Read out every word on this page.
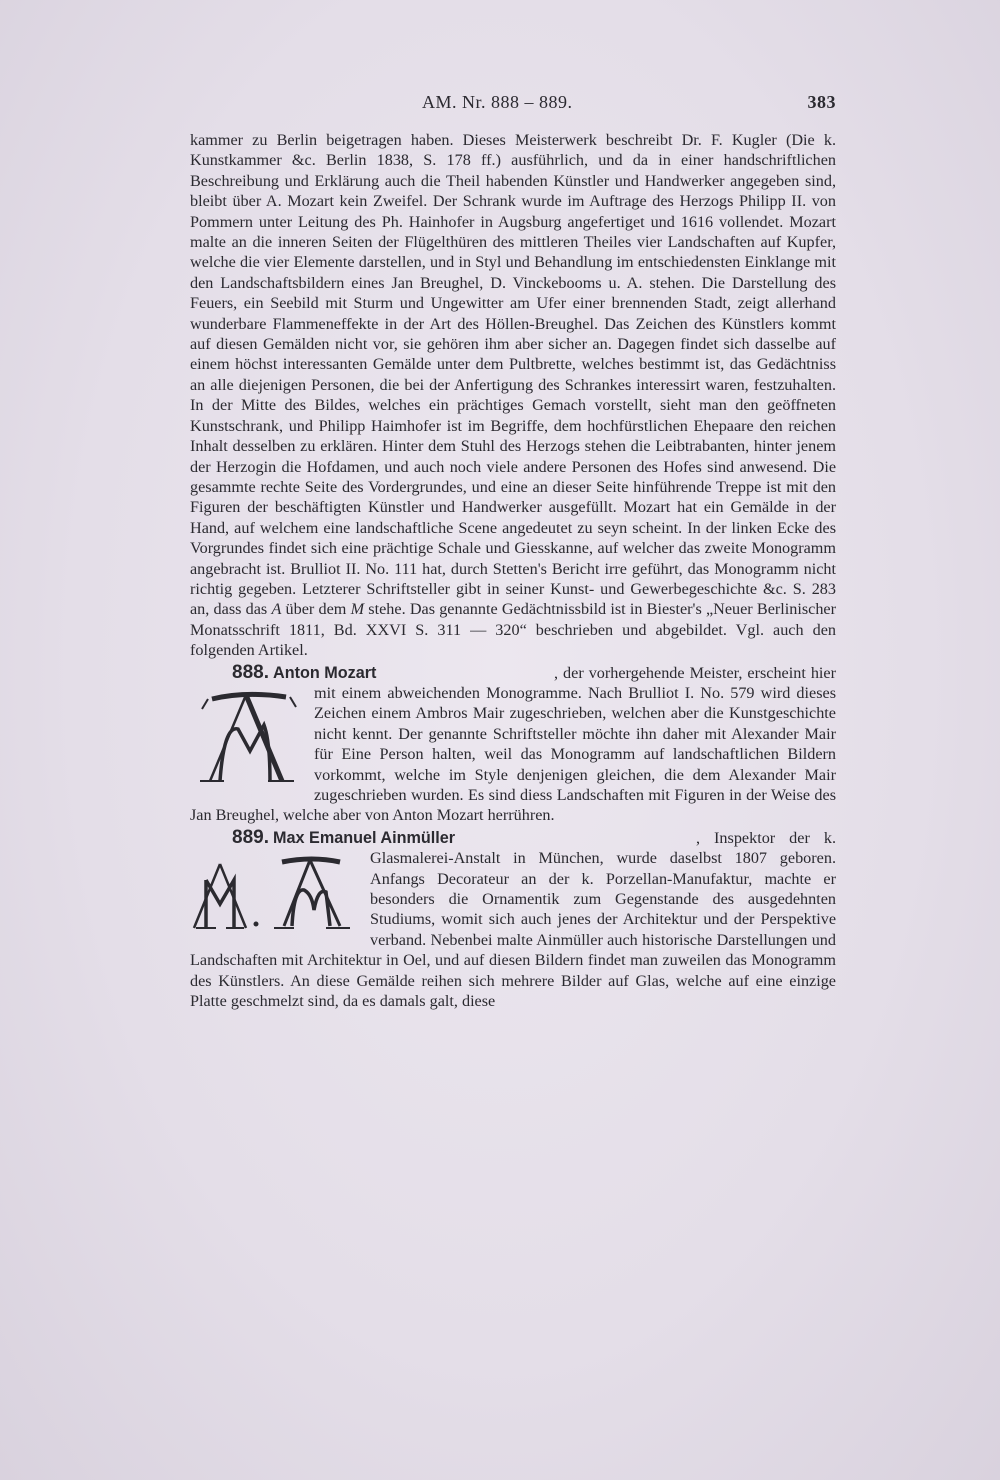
AM. Nr. 888 – 889.	383

kammer zu Berlin beigetragen haben. Dieses Meisterwerk beschreibt Dr. F. Kugler (Die k. Kunstkammer &c. Berlin 1838, S. 178 ff.) ausführlich, und da in einer handschriftlichen Beschreibung und Erklärung auch die Theil habenden Künstler und Handwerker angegeben sind, bleibt über A. Mozart kein Zweifel. Der Schrank wurde im Auftrage des Herzogs Philipp II. von Pommern unter Leitung des Ph. Hainhofer in Augsburg angefertiget und 1616 vollendet. Mozart malte an die inneren Seiten der Flügelthüren des mittleren Theiles vier Landschaften auf Kupfer, welche die vier Elemente darstellen, und in Styl und Behandlung im entschiedensten Einklange mit den Landschaftsbildern eines Jan Breughel, D. Vinckebooms u. A. stehen. Die Darstellung des Feuers, ein Seebild mit Sturm und Ungewitter am Ufer einer brennenden Stadt, zeigt allerhand wunderbare Flammeneffekte in der Art des Höllen-Breughel. Das Zeichen des Künstlers kommt auf diesen Gemälden nicht vor, sie gehören ihm aber sicher an. Dagegen findet sich dasselbe auf einem höchst interessanten Gemälde unter dem Pultbrette, welches bestimmt ist, das Gedächtniss an alle diejenigen Personen, die bei der Anfertigung des Schrankes interessirt waren, festzuhalten. In der Mitte des Bildes, welches ein prächtiges Gemach vorstellt, sieht man den geöffneten Kunstschrank, und Philipp Haimhofer ist im Begriffe, dem hochfürstlichen Ehepaare den reichen Inhalt desselben zu erklären. Hinter dem Stuhl des Herzogs stehen die Leibtrabanten, hinter jenem der Herzogin die Hofdamen, und auch noch viele andere Personen des Hofes sind anwesend. Die gesammte rechte Seite des Vordergrundes, und eine an dieser Seite hinführende Treppe ist mit den Figuren der beschäftigten Künstler und Handwerker ausgefüllt. Mozart hat ein Gemälde in der Hand, auf welchem eine landschaftliche Scene angedeutet zu seyn scheint. In der linken Ecke des Vorgrundes findet sich eine prächtige Schale und Giesskanne, auf welcher das zweite Monogramm angebracht ist. Brulliot II. No. 111 hat, durch Stetten's Bericht irre geführt, das Monogramm nicht richtig gegeben. Letzterer Schriftsteller gibt in seiner Kunst- und Gewerbegeschichte &c. S. 283 an, dass das A über dem M stehe. Das genannte Gedächtnissbild ist in Biester's „Neuer Berlinischer Monatsschrift 1811, Bd. XXVI S. 311 — 320“ beschrieben und abgebildet. Vgl. auch den folgenden Artikel.

888. Anton Mozart	, der vorhergehende Meister, erscheint hier mit einem abweichenden Monogramme. Nach Brulliot I. No. 579 wird dieses Zeichen einem Ambros Mair zugeschrieben, welchen aber die Kunstgeschichte nicht kennt. Der genannte Schriftsteller möchte ihn daher mit Alexander Mair für Eine Person halten, weil das Monogramm auf landschaftlichen Bildern vorkommt, welche im Style denjenigen gleichen, die dem Alexander Mair zugeschrieben wurden. Es sind diess Landschaften mit Figuren in der Weise des Jan Breughel, welche aber von Anton Mozart herrühren.

889. Max Emanuel Ainmüller	, Inspektor der k. Glasmalerei-Anstalt in München, wurde daselbst 1807 geboren. Anfangs Decorateur an der k. Porzellan-Manufaktur, machte er besonders die Ornamentik zum Gegenstande des ausgedehnten Studiums, womit sich auch jenes der Architektur und der Perspektive verband. Nebenbei malte Ainmüller auch historische Darstellungen und Landschaften mit Architektur in Oel, und auf diesen Bildern findet man zuweilen das Monogramm des Künstlers. An diese Gemälde reihen sich mehrere Bilder auf Glas, welche auf eine einzige Platte geschmelzt sind, da es damals galt, diese
